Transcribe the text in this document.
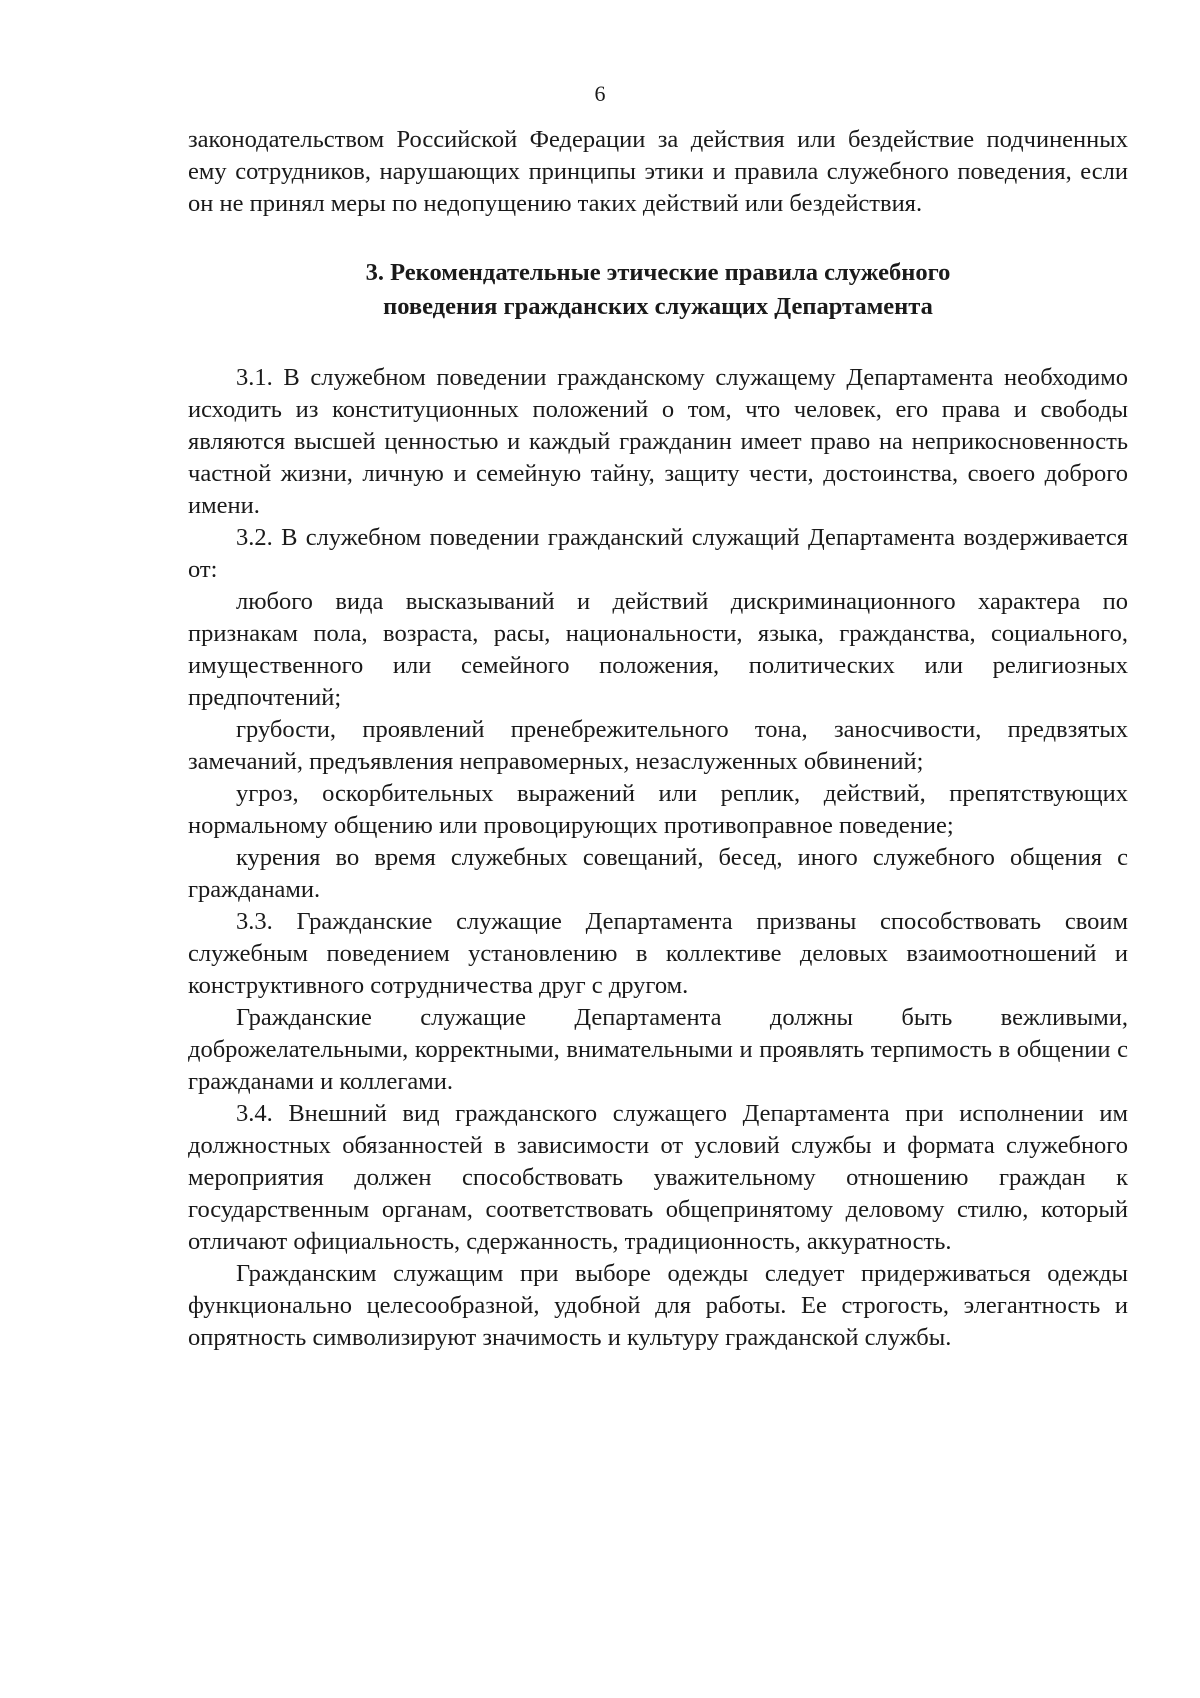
6

законодательством Российской Федерации за действия или бездействие подчиненных ему сотрудников, нарушающих принципы этики и правила служебного поведения, если он не принял меры по недопущению таких действий или бездействия.

3. Рекомендательные этические правила служебного
поведения гражданских служащих Департамента

3.1. В служебном поведении гражданскому служащему Департамента необходимо исходить из конституционных положений о том, что человек, его права и свободы являются высшей ценностью и каждый гражданин имеет право на неприкосновенность частной жизни, личную и семейную тайну, защиту чести, достоинства, своего доброго имени.

3.2. В служебном поведении гражданский служащий Департамента воздерживается от:

любого вида высказываний и действий дискриминационного характера по признакам пола, возраста, расы, национальности, языка, гражданства, социального, имущественного или семейного положения, политических или религиозных предпочтений;

грубости, проявлений пренебрежительного тона, заносчивости, предвзятых замечаний, предъявления неправомерных, незаслуженных обвинений;

угроз, оскорбительных выражений или реплик, действий, препятствующих нормальному общению или провоцирующих противоправное поведение;

курения во время служебных совещаний, бесед, иного служебного общения с гражданами.

3.3. Гражданские служащие Департамента призваны способствовать своим служебным поведением установлению в коллективе деловых взаимоотношений и конструктивного сотрудничества друг с другом.

Гражданские служащие Департамента должны быть вежливыми, доброжелательными, корректными, внимательными и проявлять терпимость в общении с гражданами и коллегами.

3.4. Внешний вид гражданского служащего Департамента при исполнении им должностных обязанностей в зависимости от условий службы и формата служебного мероприятия должен способствовать уважительному отношению граждан к государственным органам, соответствовать общепринятому деловому стилю, который отличают официальность, сдержанность, традиционность, аккуратность.

Гражданским служащим при выборе одежды следует придерживаться одежды функционально целесообразной, удобной для работы. Ее строгость, элегантность и опрятность символизируют значимость и культуру гражданской службы.
